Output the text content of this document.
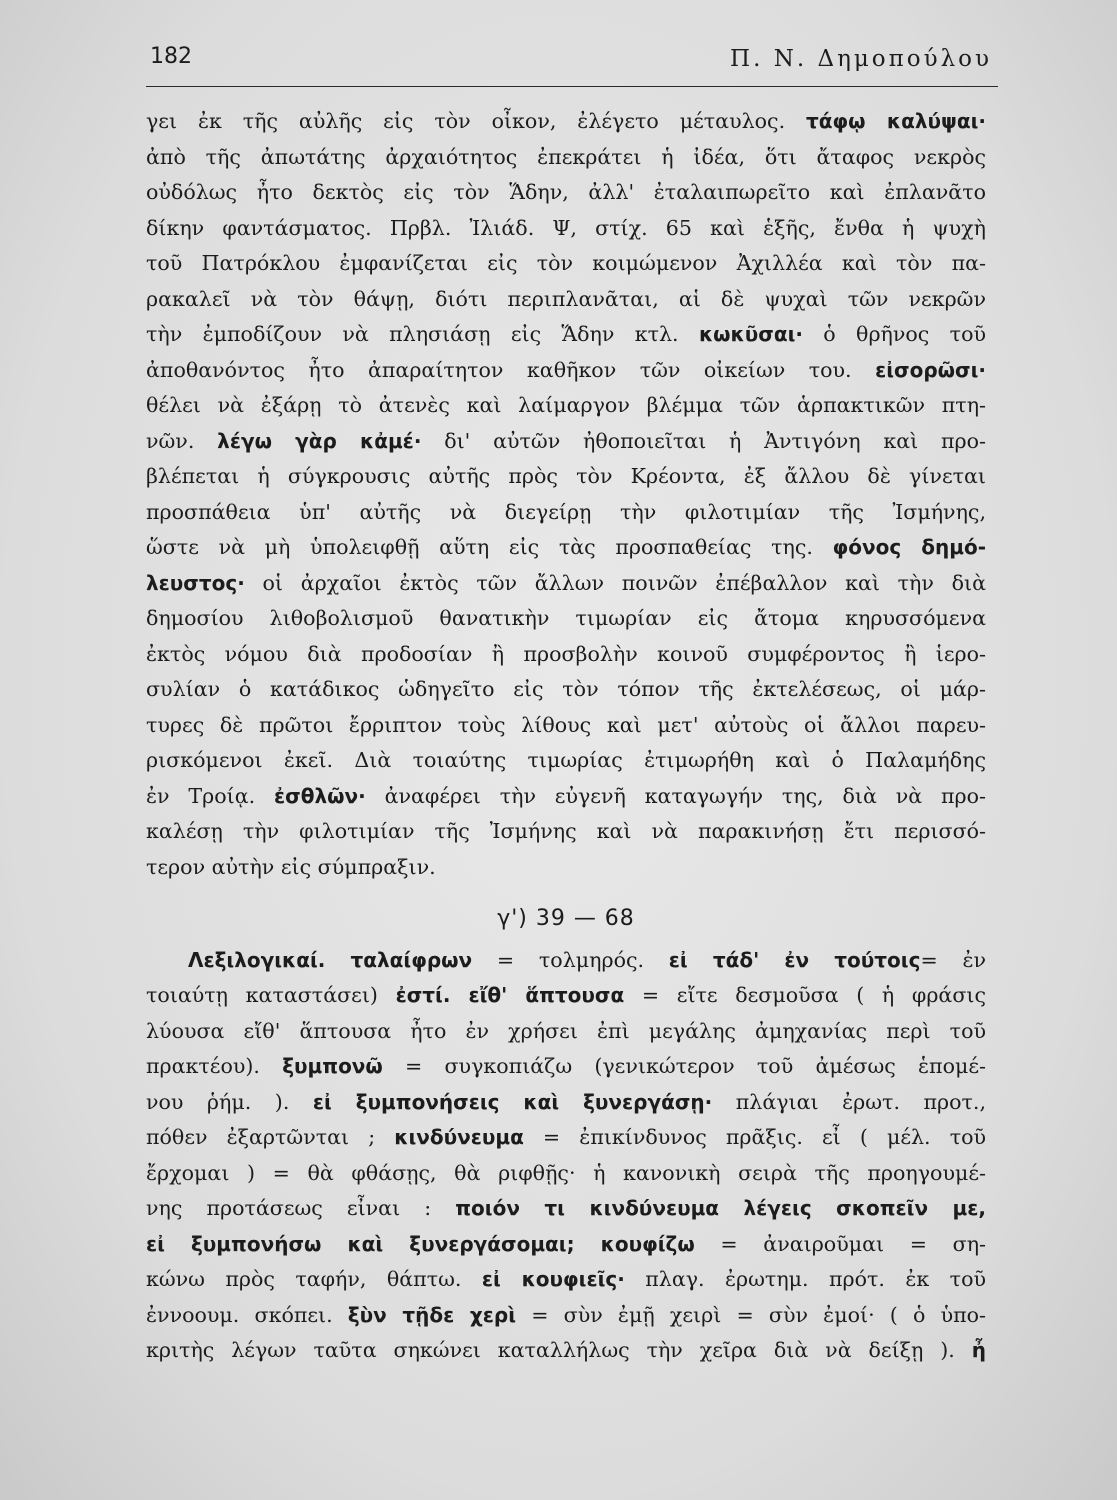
182	Π. Ν. Δημοπούλου
γει ἐκ τῆς αὐλῆς εἰς τὸν οἶκον, ἐλέγετο μέταυλος. τάφῳ καλύψαι·
ἀπὸ τῆς ἀπωτάτης ἀρχαιότητος ἐπεκράτει ἡ ἰδέα, ὅτι ἄταφος νεκρὸς
οὐδόλως ἦτο δεκτὸς εἰς τὸν Ἅδην, ἀλλ' ἐταλαιπωρεῖτο καὶ ἐπλανᾶτο
δίκην φαντάσματος. Πρβλ. Ἰλιάδ. Ψ, στίχ. 65 καὶ ἑξῆς, ἔνθα ἡ ψυχὴ
τοῦ Πατρόκλου ἐμφανίζεται εἰς τὸν κοιμώμενον Ἀχιλλέα καὶ τὸν πα-
ρακαλεῖ νὰ τὸν θάψῃ, διότι περιπλανᾶται, αἱ δὲ ψυχαὶ τῶν νεκρῶν
τὴν ἐμποδίζουν νὰ πλησιάσῃ εἰς Ἅδην κτλ. κωκῦσαι· ὁ θρῆνος τοῦ
ἀποθανόντος ἦτο ἀπαραίτητον καθῆκον τῶν οἰκείων του. εἰσορῶσι·
θέλει νὰ ἐξάρῃ τὸ ἀτενὲς καὶ λαίμαργον βλέμμα τῶν ἁρπακτικῶν πτη-
νῶν. λέγω γὰρ κἀμέ· δι' αὐτῶν ἠθοποιεῖται ἡ Ἀντιγόνη καὶ προ-
βλέπεται ἡ σύγκρουσις αὐτῆς πρὸς τὸν Κρέοντα, ἐξ ἄλλου δὲ γίνεται
προσπάθεια ὑπ' αὐτῆς νὰ διεγείρῃ τὴν φιλοτιμίαν τῆς Ἰσμήνης,
ὥστε νὰ μὴ ὑπολειφθῇ αὕτη εἰς τὰς προσπαθείας της. φόνος δημό-
λευστος· οἱ ἀρχαῖοι ἐκτὸς τῶν ἄλλων ποινῶν ἐπέβαλλον καὶ τὴν διὰ
δημοσίου λιθοβολισμοῦ θανατικὴν τιμωρίαν εἰς ἄτομα κηρυσσόμενα
ἐκτὸς νόμου διὰ προδοσίαν ἢ προσβολὴν κοινοῦ συμφέροντος ἢ ἱερο-
συλίαν ὁ κατάδικος ὡδηγεῖτο εἰς τὸν τόπον τῆς ἐκτελέσεως, οἱ μάρ-
τυρες δὲ πρῶτοι ἔρριπτον τοὺς λίθους καὶ μετ' αὐτοὺς οἱ ἄλλοι παρευ-
ρισκόμενοι ἐκεῖ. Διὰ τοιαύτης τιμωρίας ἐτιμωρήθη καὶ ὁ Παλαμήδης
ἐν Τροίᾳ. ἐσθλῶν· ἀναφέρει τὴν εὐγενῆ καταγωγήν της, διὰ νὰ προ-
καλέσῃ τὴν φιλοτιμίαν τῆς Ἰσμήνης καὶ νὰ παρακινήσῃ ἔτι περισσό-
τερον αὐτὴν εἰς σύμπραξιν.
γ') 39 — 68
Λεξιλογικαί. ταλαίφρων = τολμηρός. εἰ τάδ' ἐν τούτοις= ἐν
τοιαύτῃ καταστάσει) ἐστί. εἴθ' ἅπτουσα = εἴτε δεσμοῦσα ( ἡ φράσις
λύουσα εἴθ' ἅπτουσα ἦτο ἐν χρήσει ἐπὶ μεγάλης ἀμηχανίας περὶ τοῦ
πρακτέου). ξυμπονῶ = συγκοπιάζω (γενικώτερον τοῦ ἀμέσως ἑπομέ-
νου ῥήμ. ). εἰ ξυμπονήσεις καὶ ξυνεργάσῃ· πλάγιαι ἐρωτ. προτ.,
πόθεν ἐξαρτῶνται ; κινδύνευμα = ἐπικίνδυνος πρᾶξις. εἶ ( μέλ. τοῦ
ἔρχομαι ) = θὰ φθάσῃς, θὰ ριφθῇς· ἡ κανονικὴ σειρὰ τῆς προηγουμέ-
νης προτάσεως εἶναι : ποιόν τι κινδύνευμα λέγεις σκοπεῖν με,
εἰ ξυμπονήσω καὶ ξυνεργάσομαι; κουφίζω = ἀναιροῦμαι = ση-
κώνω πρὸς ταφήν, θάπτω. εἰ κουφιεῖς· πλαγ. ἐρωτημ. πρότ. ἐκ τοῦ
ἐννοουμ. σκόπει. ξὺν τῇδε χερὶ = σὺν ἐμῇ χειρὶ = σὺν ἐμοί· ( ὁ ὑπο-
κριτὴς λέγων ταῦτα σηκώνει καταλλήλως τὴν χεῖρα διὰ νὰ δείξῃ ). ἦ
